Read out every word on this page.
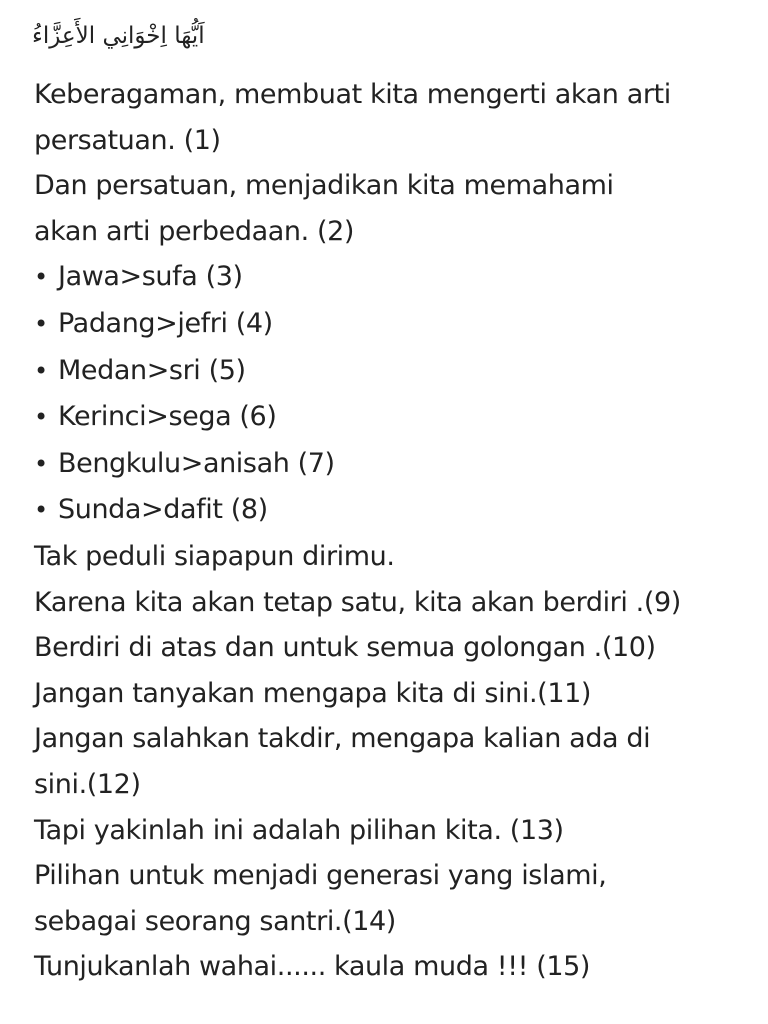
اَيُّهَا اِخْوَانِي الأَعِزَّاءُ
Keberagaman, membuat kita mengerti akan arti
persatuan. (1)
Dan persatuan, menjadikan kita memahami
akan arti perbedaan. (2)
• Jawa>sufa (3)
• Padang>jefri (4)
• Medan>sri (5)
• Kerinci>sega (6)
• Bengkulu>anisah (7)
• Sunda>dafit (8)
Tak peduli siapapun dirimu.
Karena kita akan tetap satu, kita akan berdiri .(9)
Berdiri di atas dan untuk semua golongan .(10)
Jangan tanyakan mengapa kita di sini.(11)
Jangan salahkan takdir, mengapa kalian ada di
sini.(12)
Tapi yakinlah ini adalah pilihan kita. (13)
Pilihan untuk menjadi generasi yang islami,
sebagai seorang santri.(14)
Tunjukanlah wahai...... kaula muda !!! (15)
